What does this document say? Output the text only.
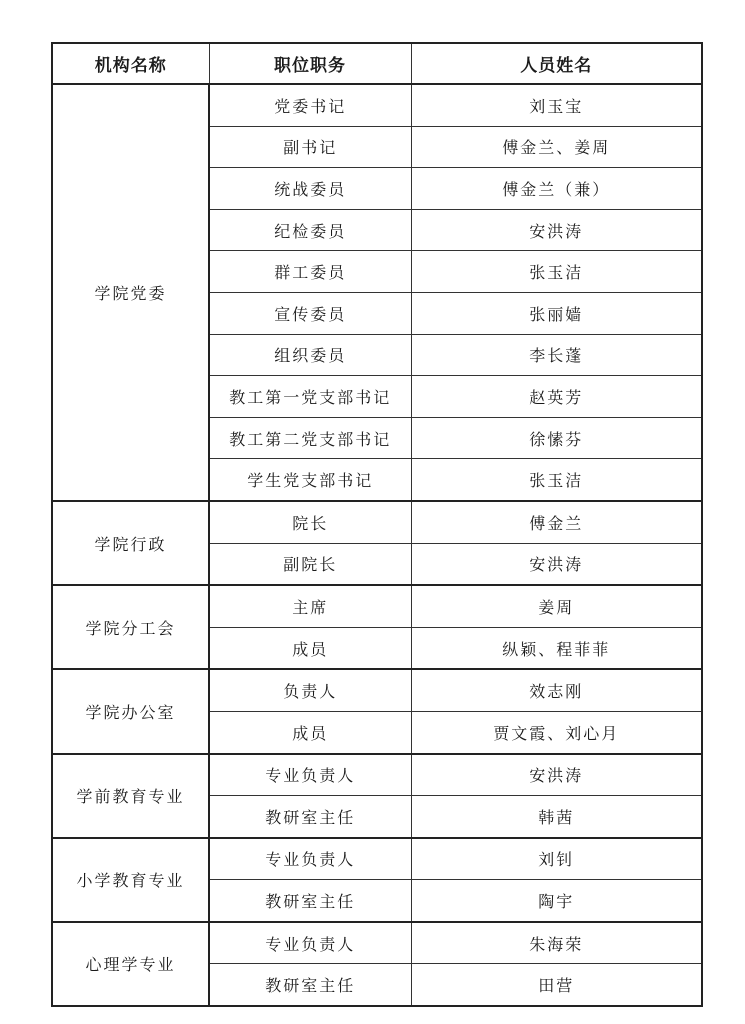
机构名称	职位职务	人员姓名
学院党委	党委书记	刘玉宝
	副书记	傅金兰、姜周
	统战委员	傅金兰（兼）
	纪检委员	安洪涛
	群工委员	张玉洁
	宣传委员	张丽嫱
	组织委员	李长蓬
	教工第一党支部书记	赵英芳
	教工第二党支部书记	徐愫芬
	学生党支部书记	张玉洁
学院行政	院长	傅金兰
	副院长	安洪涛
学院分工会	主席	姜周
	成员	纵颖、程菲菲
学院办公室	负责人	效志刚
	成员	贾文霞、刘心月
学前教育专业	专业负责人	安洪涛
	教研室主任	韩茜
小学教育专业	专业负责人	刘钊
	教研室主任	陶宇
心理学专业	专业负责人	朱海荣
	教研室主任	田营
